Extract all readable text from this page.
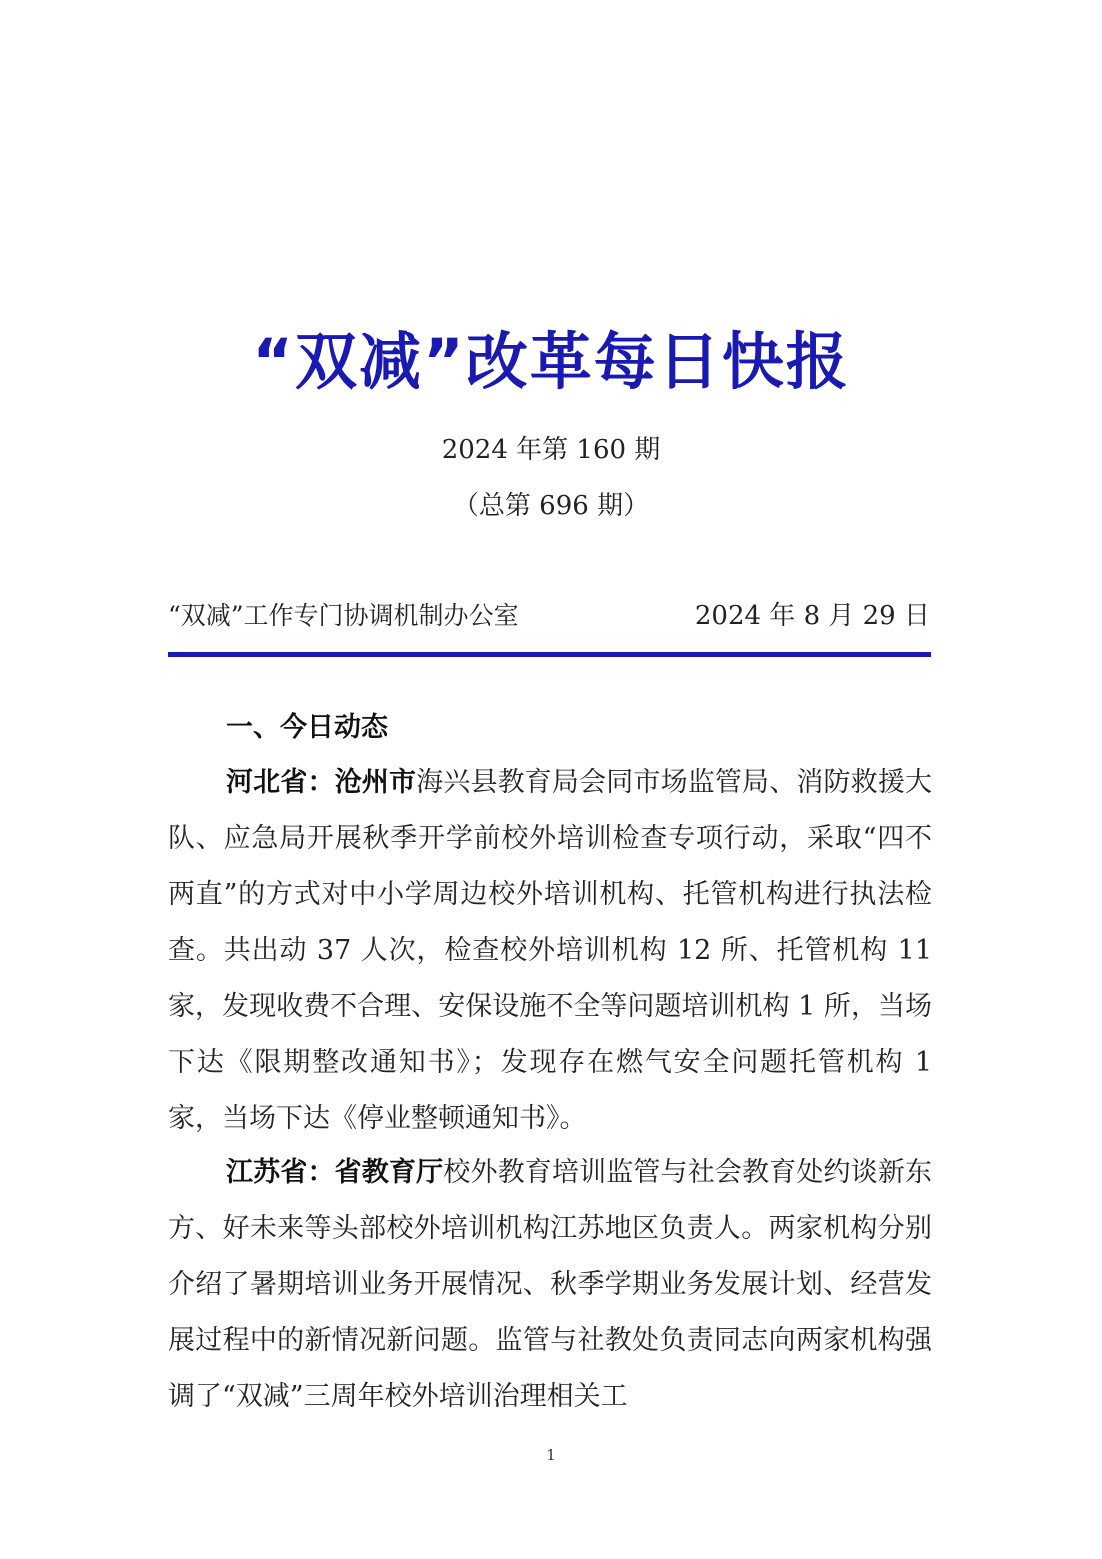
“双减”改革每日快报
2024 年第 160 期
（总第 696 期）
“双减”工作专门协调机制办公室	2024 年 8 月 29 日
一、今日动态

河北省：沧州市海兴县教育局会同市场监管局、消防救援大队、应急局开展秋季开学前校外培训检查专项行动，采取“四不两直”的方式对中小学周边校外培训机构、托管机构进行执法检查。共出动 37 人次，检查校外培训机构 12 所、托管机构 11 家，发现收费不合理、安保设施不全等问题培训机构 1 所，当场下达《限期整改通知书》；发现存在燃气安全问题托管机构 1 家，当场下达《停业整顿通知书》。

江苏省：省教育厅校外教育培训监管与社会教育处约谈新东方、好未来等头部校外培训机构江苏地区负责人。两家机构分别介绍了暑期培训业务开展情况、秋季学期业务发展计划、经营发展过程中的新情况新问题。监管与社教处负责同志向两家机构强调了“双减”三周年校外培训治理相关工

1
